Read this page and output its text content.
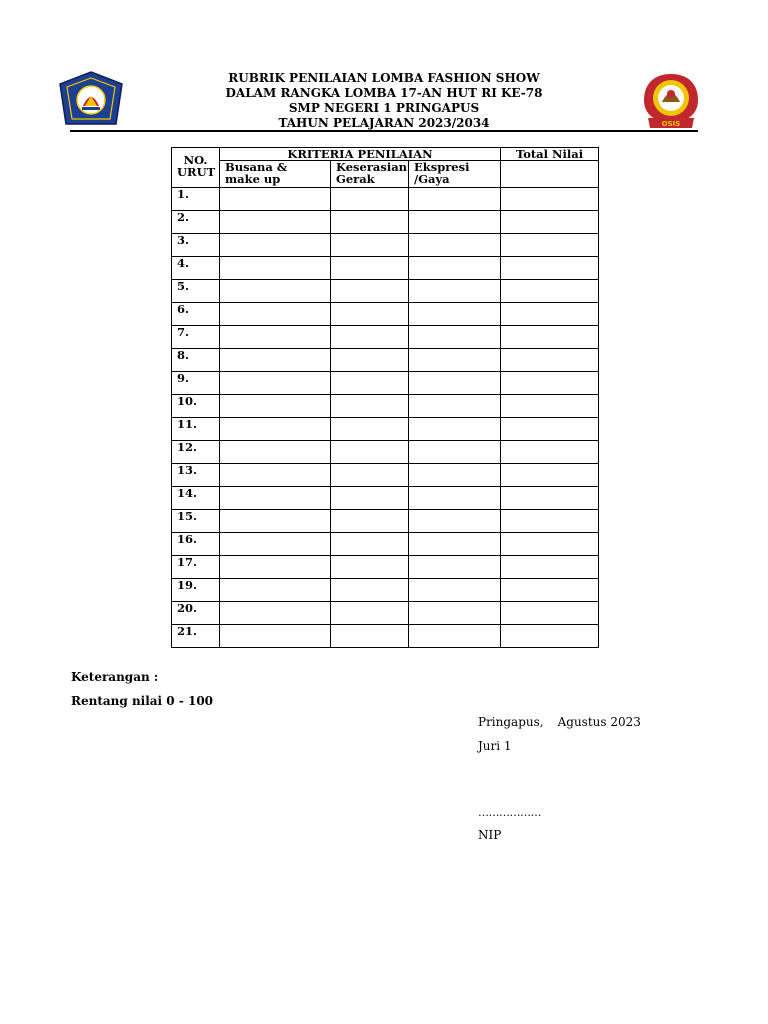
RUBRIK PENILAIAN LOMBA FASHION SHOW
DALAM RANGKA LOMBA 17-AN HUT RI KE-78
SMP NEGERI 1 PRINGAPUS
TAHUN PELAJARAN 2023/2034	OSIS
NO. URUT	KRITERIA PENILAIAN			Total Nilai
	Busana & make up	Keserasian Gerak	Ekspresi /Gaya	
1.				
2.				
3.				
4.				
5.				
6.				
7.				
8.				
9.				
10.				
11.				
12.				
13.				
14.				
15.				
16.				
17.				
19.				
20.				
21.				
Keterangan :
Rentang nilai 0 - 100
Pringapus, Agustus 2023
Juri 1
………………
NIP
